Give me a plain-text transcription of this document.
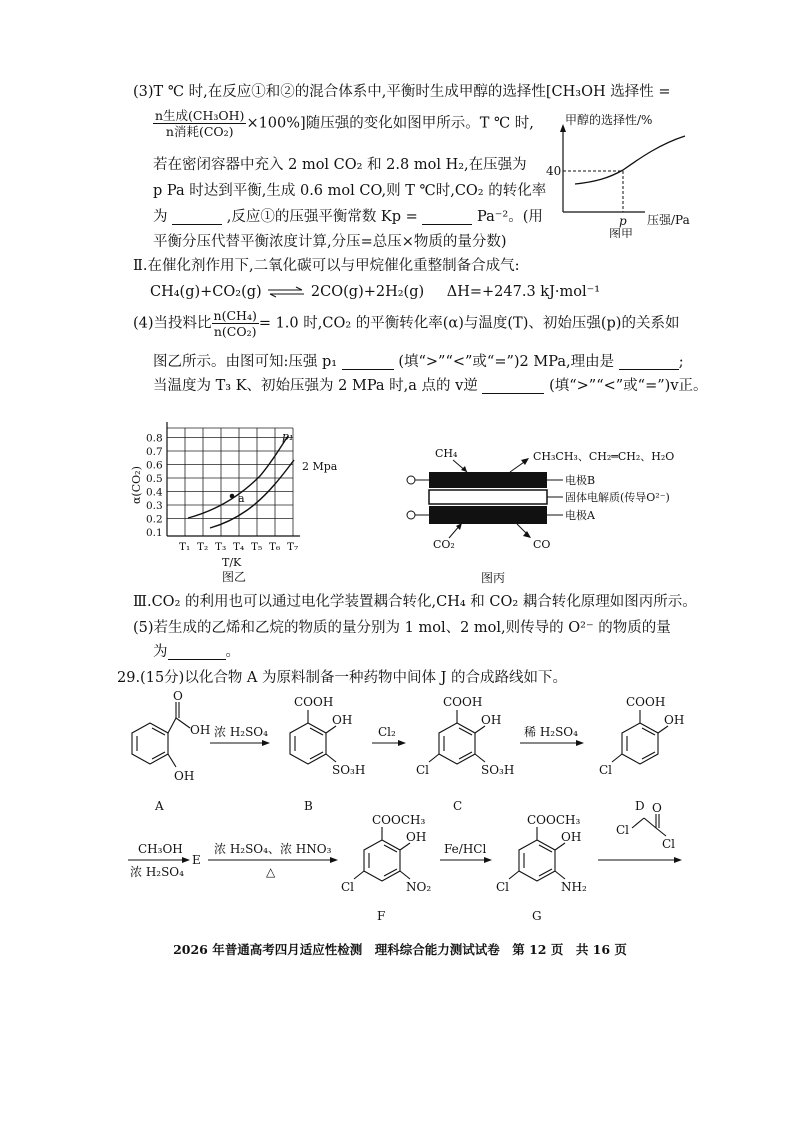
(3)T ℃ 时,在反应①和②的混合体系中,平衡时生成甲醇的选择性[CH₃OH 选择性 =
$\frac{\text{n生成(CH₃OH)}}{\text{n消耗(CO₂)}} \times 100\%$]随压强的变化如图甲所示。T ℃ 时,
若在密闭容器中充入 2 mol CO₂ 和 2.8 mol H₂,在压强为
p Pa 时达到平衡,生成 0.6 mol CO,则 T ℃时,CO₂ 的转化率
为	,反应①的压强平衡常数 Kp =	Pa⁻²。(用
平衡分压代替平衡浓度计算,分压=总压×物质的量分数)
甲醇的选择性/%
40
p 压强/Pa
图甲
Ⅱ.在催化剂作用下,二氧化碳可以与甲烷催化重整制备合成气:
CH₄(g)+CO₂(g) ⇌ 2CO(g)+2H₂(g) ΔH=+247.3 kJ·mol⁻¹
(4)当投料比 $\frac{\text{n(CH₄)}}{\text{n(CO₂)}} = 1.0$ 时,CO₂ 的平衡转化率(α)与温度(T)、初始压强(p)的关系如
图乙所示。由图可知:压强 p₁	(填“>”“<”或“=”)2 MPa,理由是	;
当温度为 T₃ K、初始压强为 2 MPa 时,a 点的 v逆	(填“>”“<”或“=”)v正。
α(CO₂)
0.8
0.7
0.6
0.5
0.4
0.3
0.2
0.1
T₁ T₂ T₃ T₄ T₅ T₆ T₇
p₁
2 Mpa
a
T/K
图乙
CH₄	CH₃CH₃、CH₂═CH₂、H₂O
电极B
固体电解质(传导O²⁻)
电极A
CO₂	CO
图丙
Ⅲ.CO₂ 的利用也可以通过电化学装置耦合转化,CH₄ 和 CO₂ 耦合转化原理如图丙所示。
(5)若生成的乙烯和乙烷的物质的量分别为 1 mol、2 mol,则传导的 O²⁻ 的物质的量
为	。
29.(15分)以化合物 A 为原料制备一种药物中间体 J 的合成路线如下。
O
OH
OH
A
浓 H₂SO₄
COOH
OH
SO₃H
B
Cl₂
COOH
OH
Cl	SO₃H
C
稀 H₂SO₄
COOH
OH
Cl
D
CH₃OH
浓 H₂SO₄
E
浓 H₂SO₄、浓 HNO₃
△
COOCH₃
OH
Cl	NO₂
F
Fe/HCl
COOCH₃
OH
Cl	NH₂
G
O
Cl
Cl
2026 年普通高考四月适应性检测　理科综合能力测试试卷　第 12 页　共 16 页
